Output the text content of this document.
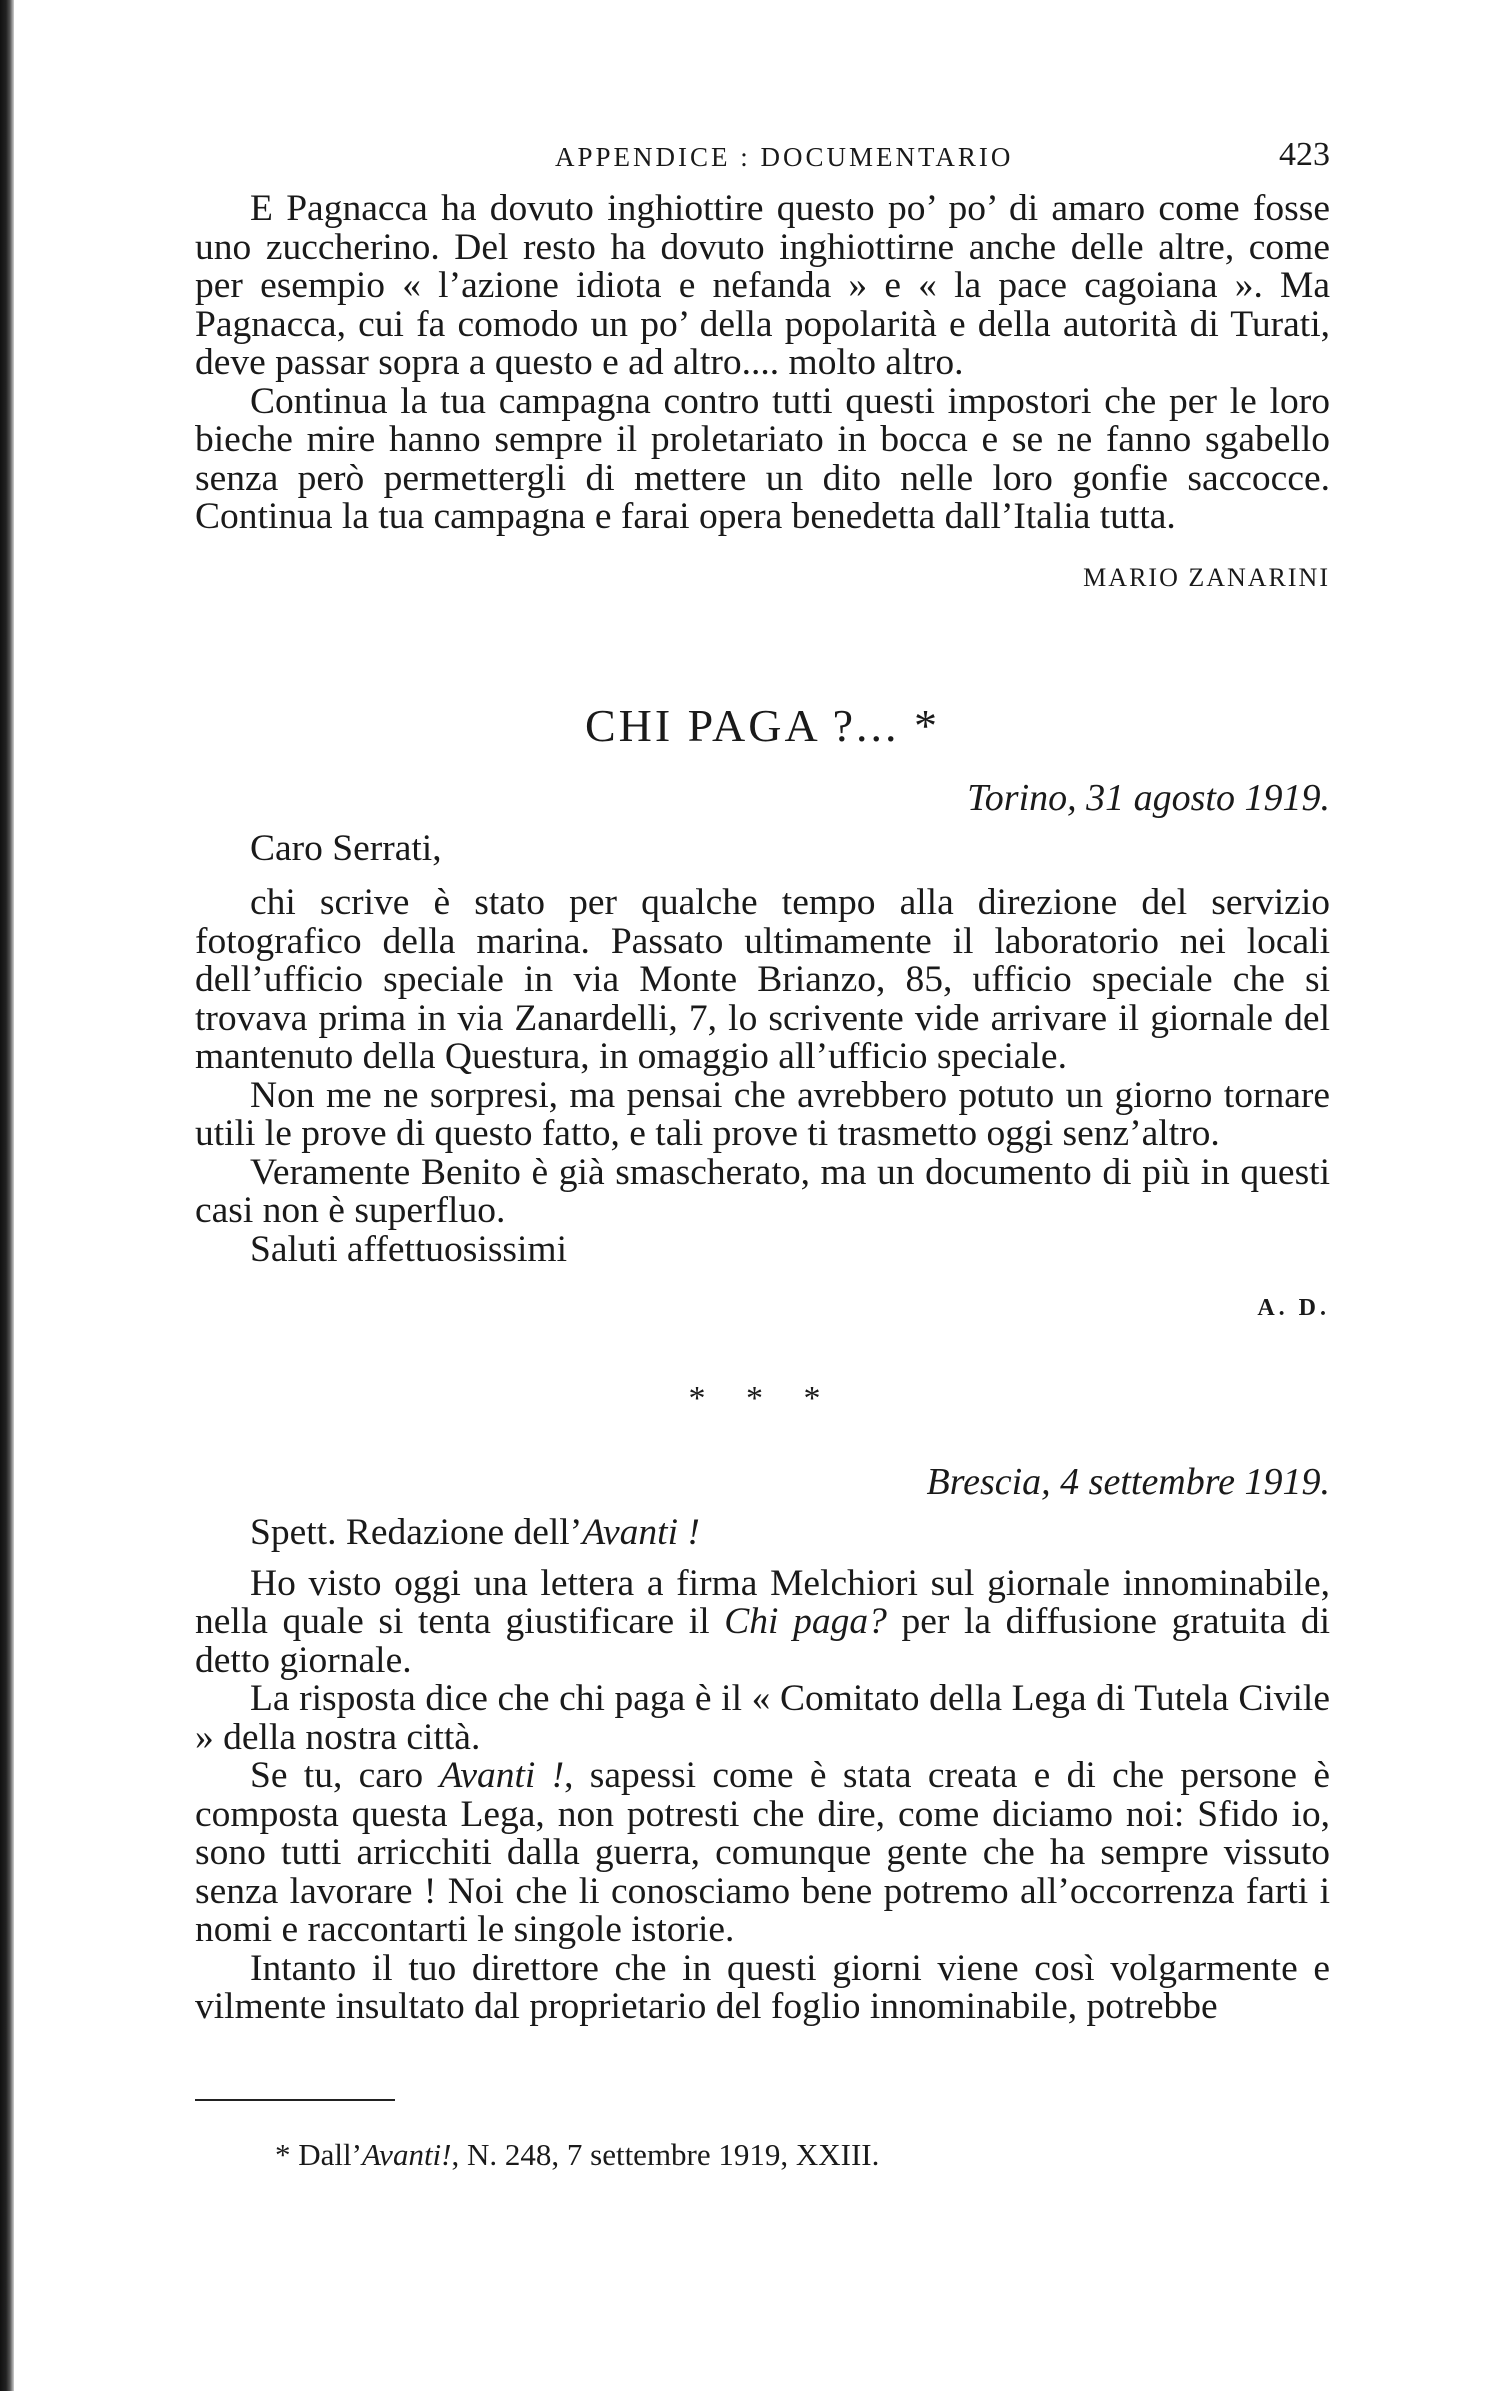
APPENDICE : DOCUMENTARIO	423

E Pagnacca ha dovuto inghiottire questo po’ po’ di amaro come fosse uno zuccherino. Del resto ha dovuto inghiottirne anche delle altre, come per esempio « l’azione idiota e nefanda » e « la pace cagoiana ». Ma Pagnacca, cui fa comodo un po’ della popolarità e della autorità di Turati, deve passar sopra a questo e ad altro.... molto altro.

Continua la tua campagna contro tutti questi impostori che per le loro bieche mire hanno sempre il proletariato in bocca e se ne fanno sgabello senza però permettergli di mettere un dito nelle loro gonfie saccocce. Continua la tua campagna e farai opera benedetta dall’Italia tutta.

MARIO ZANARINI
CHI PAGA ?... *
Torino, 31 agosto 1919.
Caro Serrati,

chi scrive è stato per qualche tempo alla direzione del servizio fotografico della marina. Passato ultimamente il laboratorio nei locali dell’ufficio speciale in via Monte Brianzo, 85, ufficio speciale che si trovava prima in via Zanardelli, 7, lo scrivente vide arrivare il giornale del mantenuto della Questura, in omaggio all’ufficio speciale.

Non me ne sorpresi, ma pensai che avrebbero potuto un giorno tornare utili le prove di questo fatto, e tali prove ti trasmetto oggi senz’altro.

Veramente Benito è già smascherato, ma un documento di più in questi casi non è superfluo.

Saluti affettuosissimi

A. D.
* * *
Brescia, 4 settembre 1919.
Spett. Redazione dell’Avanti !

Ho visto oggi una lettera a firma Melchiori sul giornale innominabile, nella quale si tenta giustificare il Chi paga? per la diffusione gratuita di detto giornale.

La risposta dice che chi paga è il « Comitato della Lega di Tutela Civile » della nostra città.

Se tu, caro Avanti !, sapessi come è stata creata e di che persone è composta questa Lega, non potresti che dire, come diciamo noi: Sfido io, sono tutti arricchiti dalla guerra, comunque gente che ha sempre vissuto senza lavorare ! Noi che li conosciamo bene potremo all’occorrenza farti i nomi e raccontarti le singole istorie.

Intanto il tuo direttore che in questi giorni viene così volgarmente e vilmente insultato dal proprietario del foglio innominabile, potrebbe

* Dall’Avanti!, N. 248, 7 settembre 1919, XXIII.
